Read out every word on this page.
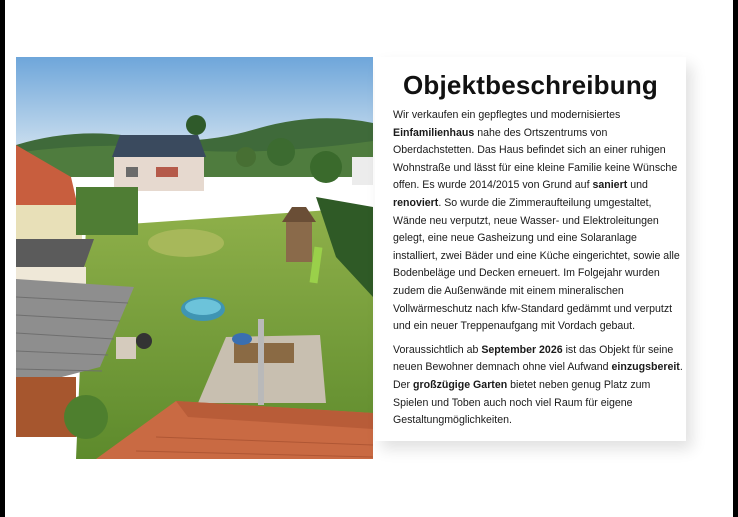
Objektbeschreibung

Wir verkaufen ein gepflegtes und modernisiertes Einfamilienhaus nahe des Ortszentrums von Oberdachstetten. Das Haus befindet sich an einer ruhigen Wohnstraße und lässt für eine kleine Familie keine Wünsche offen. Es wurde 2014/2015 von Grund auf saniert und renoviert. So wurde die Zimmeraufteilung umgestaltet, Wände neu verputzt, neue Wasser- und Elektroleitungen gelegt, eine neue Gasheizung und eine Solaranlage installiert, zwei Bäder und eine Küche eingerichtet, sowie alle Bodenbeläge und Decken erneuert. Im Folgejahr wurden zudem die Außenwände mit einem mineralischen Vollwärmeschutz nach kfw-Standard gedämmt und verputzt und ein neuer Treppenaufgang mit Vordach gebaut.

Voraussichtlich ab September 2026 ist das Objekt für seine neuen Bewohner demnach ohne viel Aufwand einzugsbereit. Der großzügige Garten bietet neben genug Platz zum Spielen und Toben auch noch viel Raum für eigene Gestaltungmöglichkeiten.
